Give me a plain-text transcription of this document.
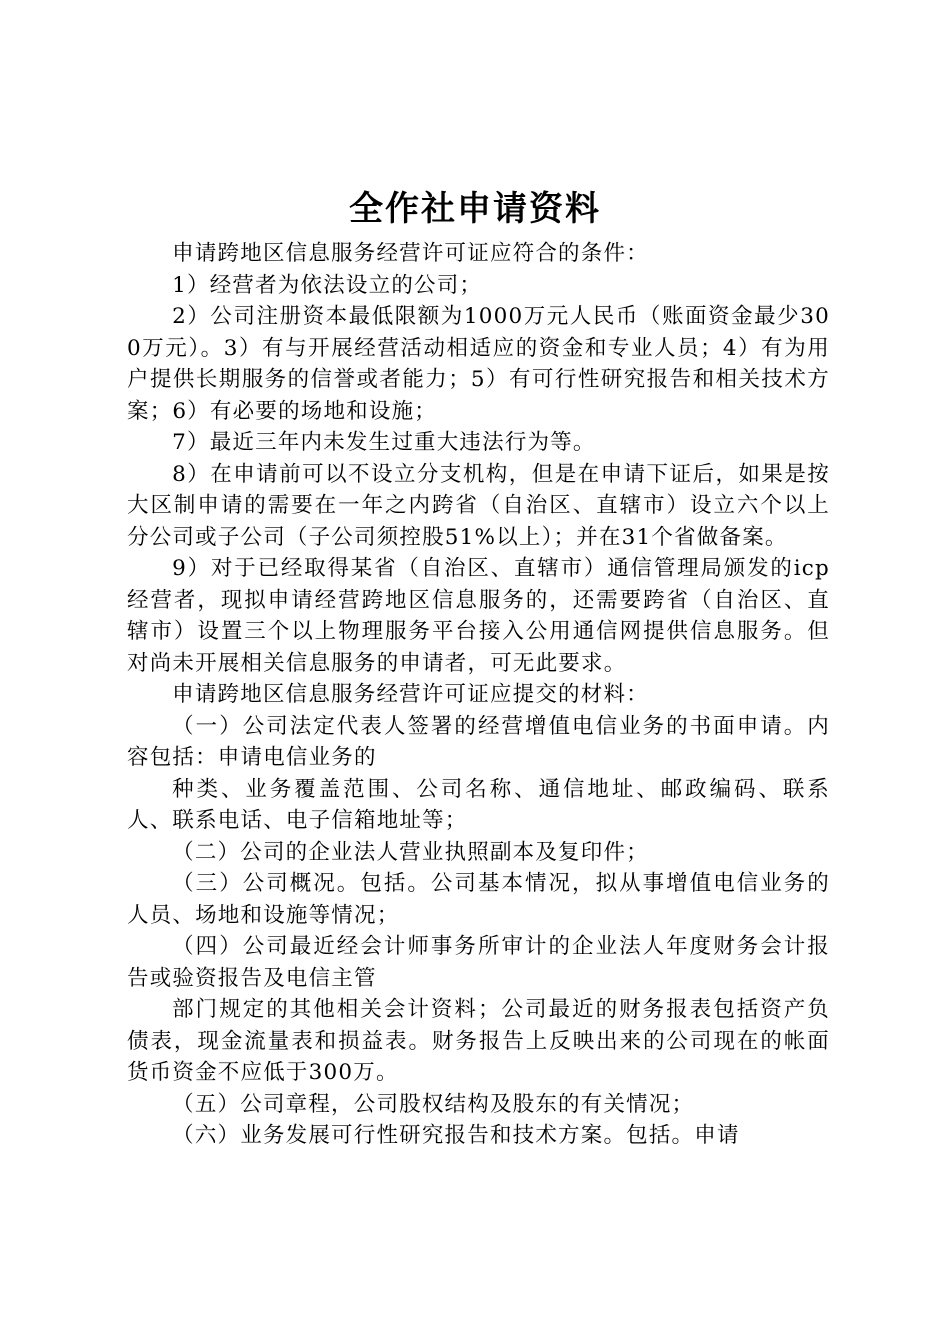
全作社申请资料

申请跨地区信息服务经营许可证应符合的条件：

1）经营者为依法设立的公司；

2）公司注册资本最低限额为1000万元人民币（账面资金最少300万元）。3）有与开展经营活动相适应的资金和专业人员；4）有为用户提供长期服务的信誉或者能力；5）有可行性研究报告和相关技术方案；6）有必要的场地和设施；

7）最近三年内未发生过重大违法行为等。

8）在申请前可以不设立分支机构，但是在申请下证后，如果是按大区制申请的需要在一年之内跨省（自治区、直辖市）设立六个以上分公司或子公司（子公司须控股51%以上）；并在31个省做备案。

9）对于已经取得某省（自治区、直辖市）通信管理局颁发的icp经营者，现拟申请经营跨地区信息服务的，还需要跨省（自治区、直辖市）设置三个以上物理服务平台接入公用通信网提供信息服务。但对尚未开展相关信息服务的申请者，可无此要求。

申请跨地区信息服务经营许可证应提交的材料：

（一）公司法定代表人签署的经营增值电信业务的书面申请。内容包括：申请电信业务的

种类、业务覆盖范围、公司名称、通信地址、邮政编码、联系人、联系电话、电子信箱地址等；

（二）公司的企业法人营业执照副本及复印件；

（三）公司概况。包括。公司基本情况，拟从事增值电信业务的人员、场地和设施等情况；

（四）公司最近经会计师事务所审计的企业法人年度财务会计报告或验资报告及电信主管

部门规定的其他相关会计资料；公司最近的财务报表包括资产负债表，现金流量表和损益表。财务报告上反映出来的公司现在的帐面货币资金不应低于300万。

（五）公司章程，公司股权结构及股东的有关情况；

（六）业务发展可行性研究报告和技术方案。包括。申请
